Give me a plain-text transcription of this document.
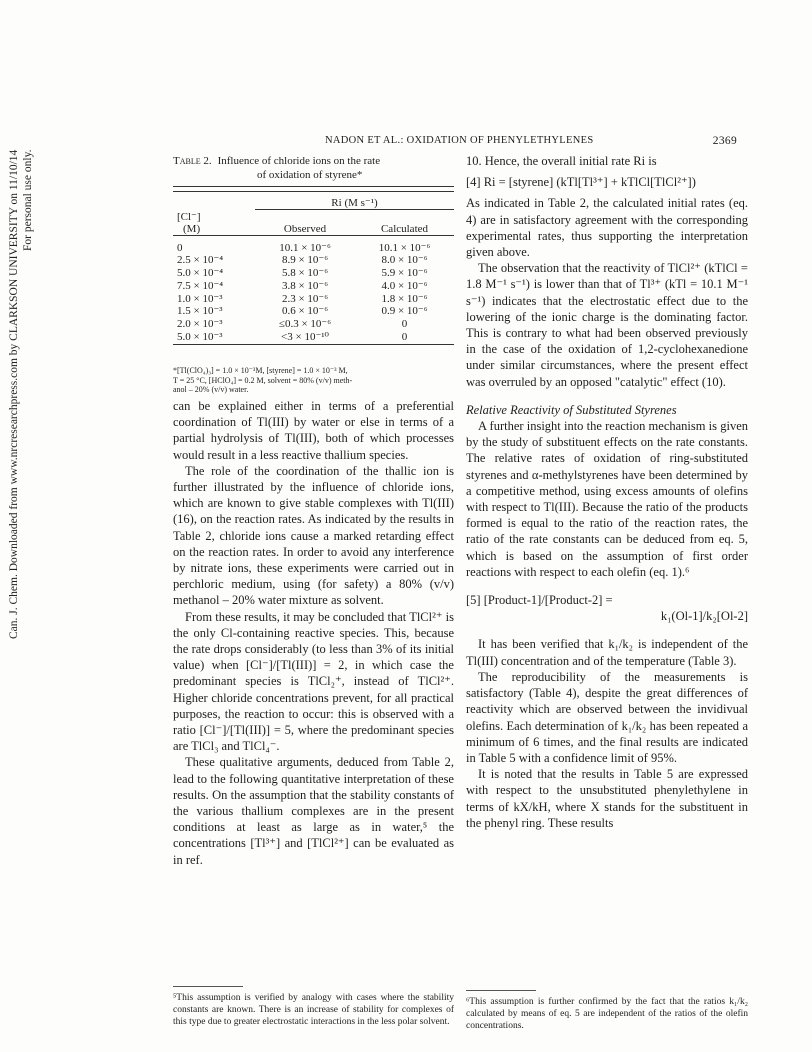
Can. J. Chem. Downloaded from www.nrcresearchpress.com by CLARKSON UNIVERSITY on 11/10/14 For personal use only.
NADON ET AL.: OXIDATION OF PHENYLETHYLENES	2369
Table 2. Influence of chloride ions on the rate

of oxidation of styrene*

	Ri (M s⁻¹)	
[Cl⁻]		
(M)	Observed	Calculated

0	10.1 × 10⁻⁶	10.1 × 10⁻⁶
2.5 × 10⁻⁴	8.9 × 10⁻⁶	8.0 × 10⁻⁶
5.0 × 10⁻⁴	5.8 × 10⁻⁶	5.9 × 10⁻⁶
7.5 × 10⁻⁴	3.8 × 10⁻⁶	4.0 × 10⁻⁶
1.0 × 10⁻³	2.3 × 10⁻⁶	1.8 × 10⁻⁶
1.5 × 10⁻³	0.6 × 10⁻⁶	0.9 × 10⁻⁶
2.0 × 10⁻³	≤0.3 × 10⁻⁶	0
5.0 × 10⁻³	<3 × 10⁻¹⁰	0

*[Tl(ClO₄)₃] = 1.0 × 10⁻³M, [styrene] = 1.0 × 10⁻³ M,
T = 25 °C, [HClO₄] = 0.2 M, solvent = 80% (v/v) meth-
anol – 20% (v/v) water.

can be explained either in terms of a preferential coordination of Tl(III) by water or else in terms of a partial hydrolysis of Tl(III), both of which processes would result in a less reactive thallium species.

The role of the coordination of the thallic ion is further illustrated by the influence of chloride ions, which are known to give stable complexes with Tl(III) (16), on the reaction rates. As indicated by the results in Table 2, chloride ions cause a marked retarding effect on the reaction rates. In order to avoid any interference by nitrate ions, these experiments were carried out in perchloric medium, using (for safety) a 80% (v/v) methanol – 20% water mixture as solvent.

From these results, it may be concluded that TlCl²⁺ is the only Cl-containing reactive species. This, because the rate drops considerably (to less than 3% of its initial value) when [Cl⁻]/[Tl(III)] = 2, in which case the predominant species is TlCl₂⁺, instead of TlCl²⁺. Higher chloride concentrations prevent, for all practical purposes, the reaction to occur: this is observed with a ratio [Cl⁻]/[Tl(III)] = 5, where the predominant species are TlCl₃ and TlCl₄⁻.

These qualitative arguments, deduced from Table 2, lead to the following quantitative interpretation of these results. On the assumption that the stability constants of the various thallium complexes are in the present conditions at least as large as in water,⁵ the concentrations [Tl³⁺] and [TlCl²⁺] can be evaluated as in ref.

10. Hence, the overall initial rate Ri is

[4] Ri = [styrene] (kTl[Tl³⁺] + kTlCl[TlCl²⁺])

As indicated in Table 2, the calculated initial rates (eq. 4) are in satisfactory agreement with the corresponding experimental rates, thus supporting the interpretation given above.

The observation that the reactivity of TlCl²⁺ (kTlCl = 1.8 M⁻¹ s⁻¹) is lower than that of Tl³⁺ (kTl = 10.1 M⁻¹ s⁻¹) indicates that the electrostatic effect due to the lowering of the ionic charge is the dominating factor. This is contrary to what had been observed previously in the case of the oxidation of 1,2-cyclohexanedione under similar circumstances, where the present effect was overruled by an opposed "catalytic" effect (10).

Relative Reactivity of Substituted Styrenes

A further insight into the reaction mechanism is given by the study of substituent effects on the rate constants. The relative rates of oxidation of ring-substituted styrenes and α-methylstyrenes have been determined by a competitive method, using excess amounts of olefins with respect to Tl(III). Because the ratio of the products formed is equal to the ratio of the reaction rates, the ratio of the rate constants can be deduced from eq. 5, which is based on the assumption of first order reactions with respect to each olefin (eq. 1).⁶

[5] [Product-1]/[Product-2] =

k₁(Ol-1]/k₂[Ol-2]

It has been verified that k₁/k₂ is independent of the Tl(III) concentration and of the temperature (Table 3).

The reproducibility of the measurements is satisfactory (Table 4), despite the great differences of reactivity which are observed between the invidivual olefins. Each determination of k₁/k₂ has been repeated a minimum of 6 times, and the final results are indicated in Table 5 with a confidence limit of 95%.

It is noted that the results in Table 5 are expressed with respect to the unsubstituted phenylethylene in terms of kX/kH, where X stands for the substituent in the phenyl ring. These results

⁵This assumption is verified by analogy with cases where the stability constants are known. There is an increase of stability for complexes of this type due to greater electrostatic interactions in the less polar solvent.
⁶This assumption is further confirmed by the fact that the ratios k₁/k₂ calculated by means of eq. 5 are independent of the ratios of the olefin concentrations.
